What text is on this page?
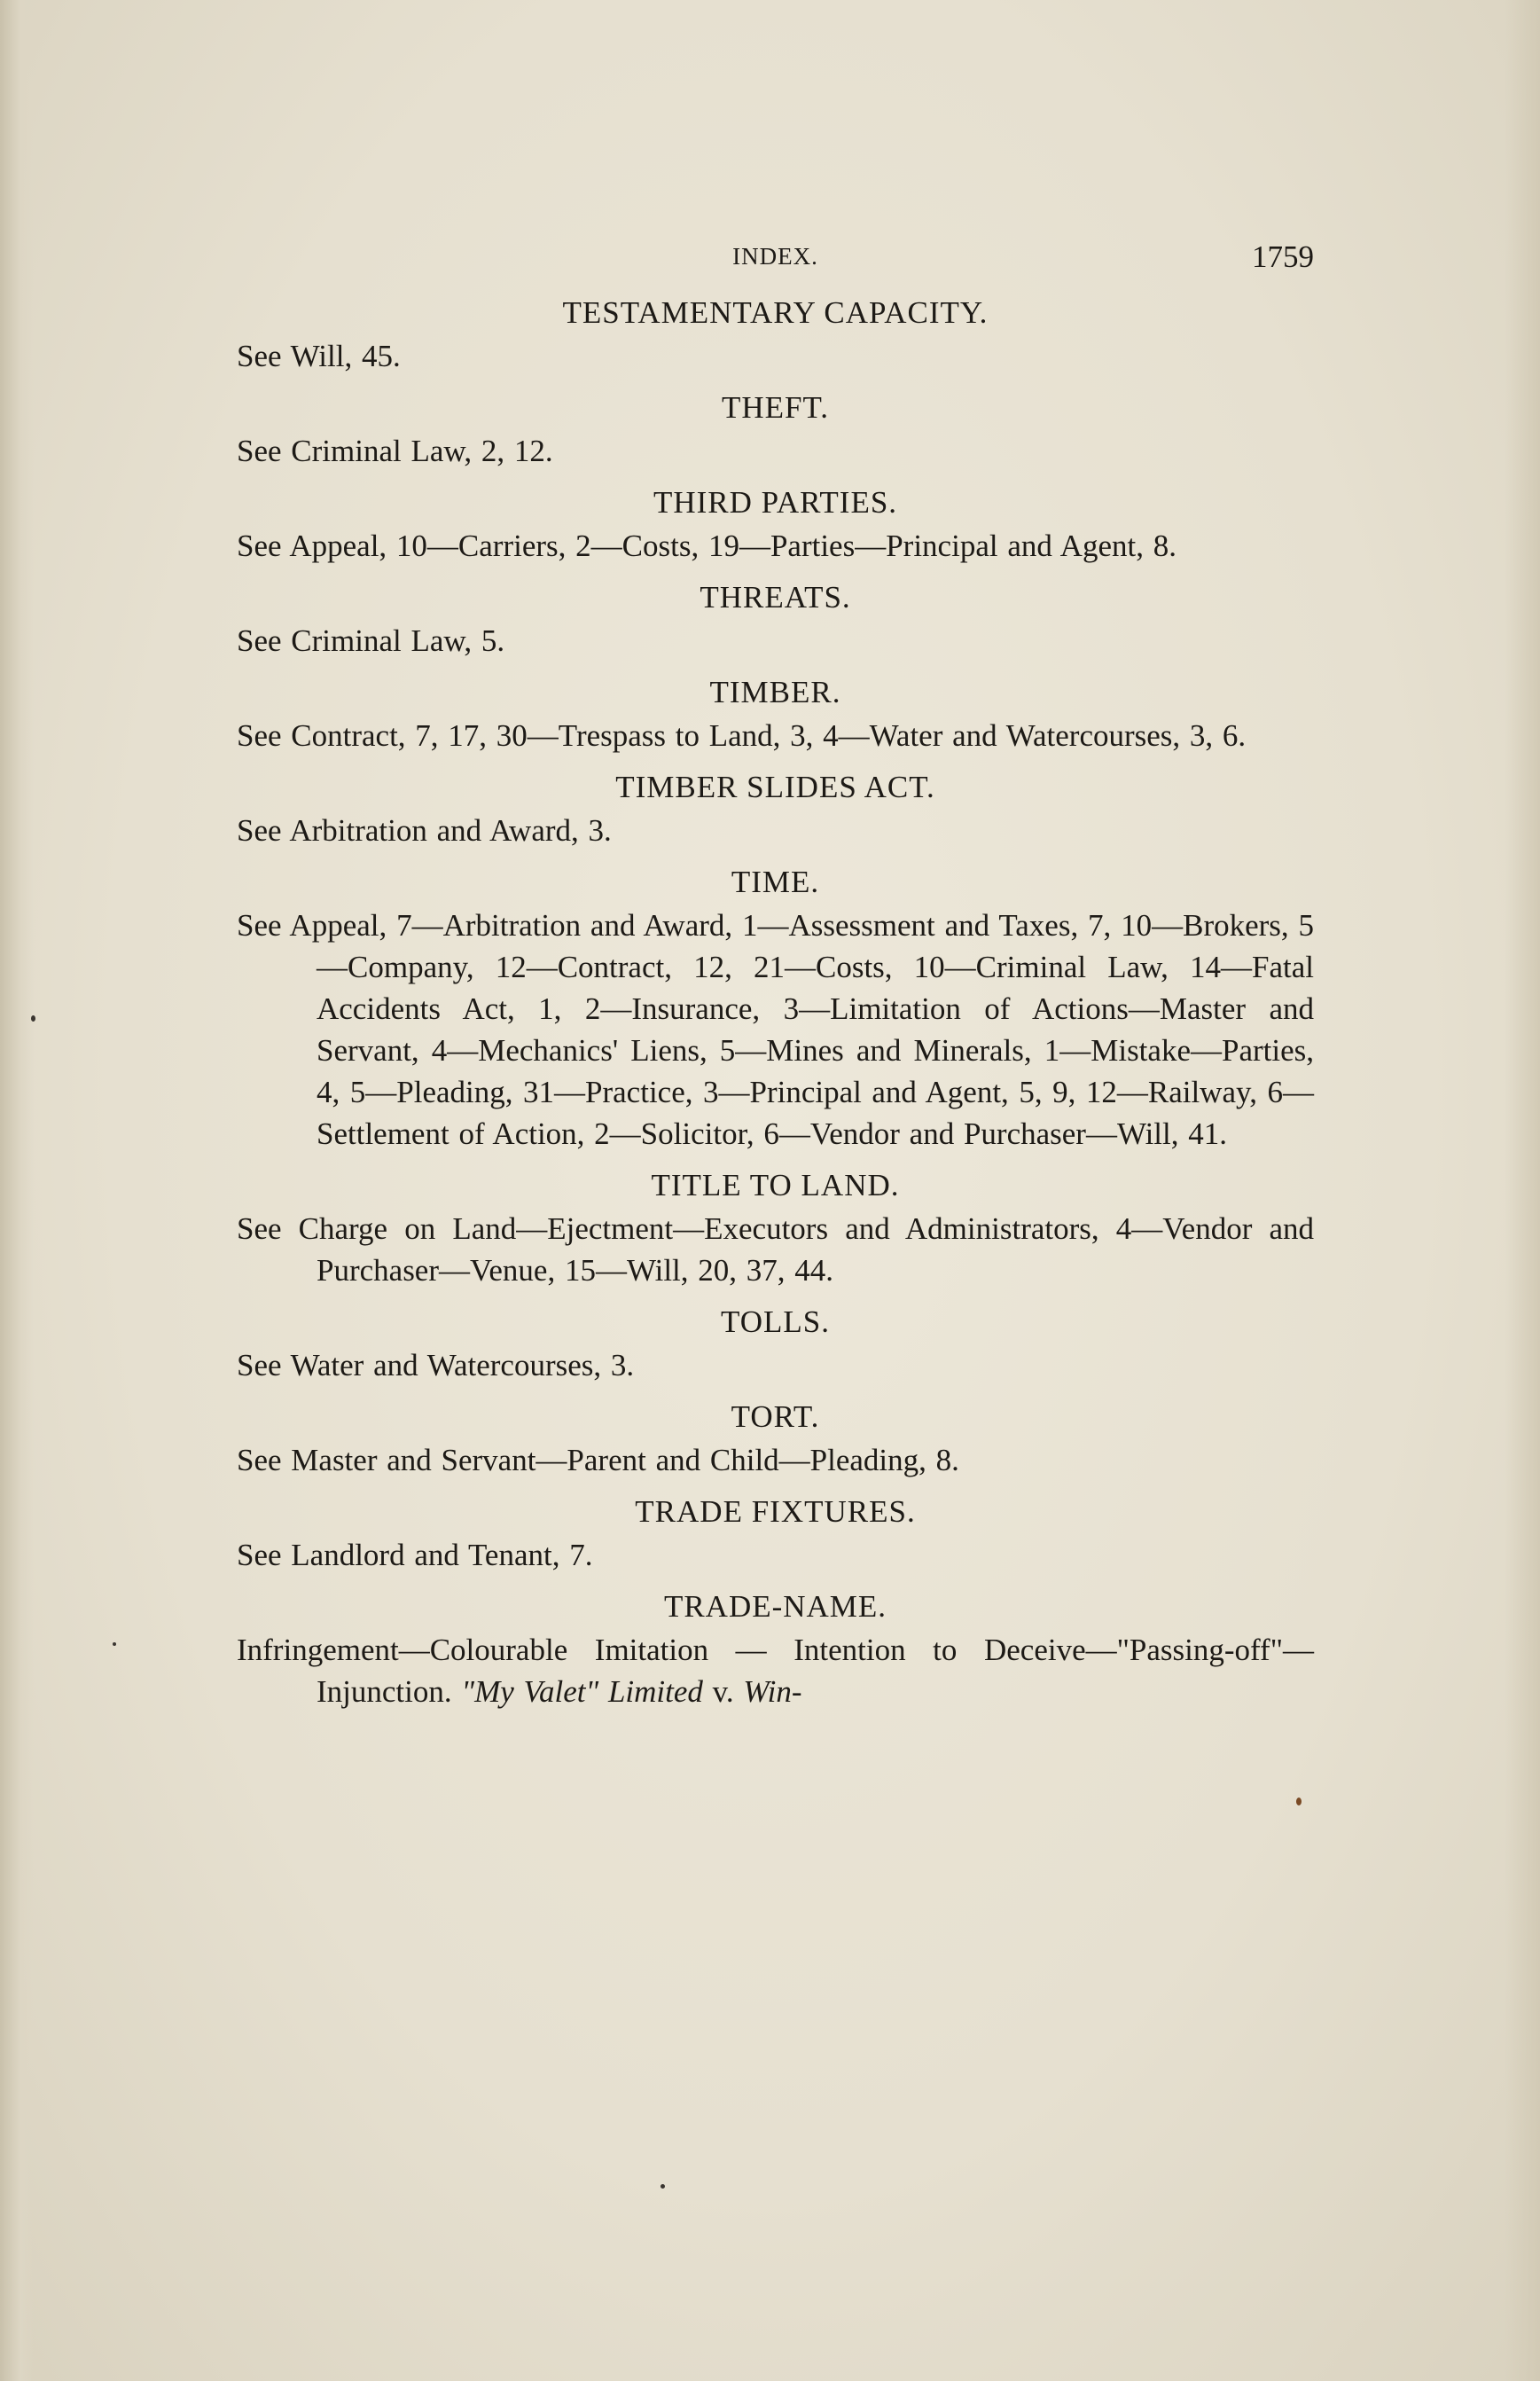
INDEX.	1759
TESTAMENTARY CAPACITY.

See Will, 45.

THEFT.

See Criminal Law, 2, 12.

THIRD PARTIES.

See Appeal, 10—Carriers, 2—Costs, 19—Parties—Principal and Agent, 8.

THREATS.

See Criminal Law, 5.

TIMBER.

See Contract, 7, 17, 30—Trespass to Land, 3, 4—Water and Watercourses, 3, 6.

TIMBER SLIDES ACT.

See Arbitration and Award, 3.

TIME.

See Appeal, 7—Arbitration and Award, 1—Assessment and Taxes, 7, 10—Brokers, 5—Company, 12—Contract, 12, 21—Costs, 10—Criminal Law, 14—Fatal Accidents Act, 1, 2—Insurance, 3—Limitation of Actions—Master and Servant, 4—Mechanics' Liens, 5—Mines and Minerals, 1—Mistake—Parties, 4, 5—Pleading, 31—Practice, 3—Principal and Agent, 5, 9, 12—Railway, 6—Settlement of Action, 2—Solicitor, 6—Vendor and Purchaser—Will, 41.

TITLE TO LAND.

See Charge on Land—Ejectment—Executors and Administrators, 4—Vendor and Purchaser—Venue, 15—Will, 20, 37, 44.

TOLLS.

See Water and Watercourses, 3.

TORT.

See Master and Servant—Parent and Child—Pleading, 8.

TRADE FIXTURES.

See Landlord and Tenant, 7.

TRADE-NAME.

Infringement—Colourable Imitation — Intention to Deceive—"Passing-off"—Injunction. "My Valet" Limited v. Win-
